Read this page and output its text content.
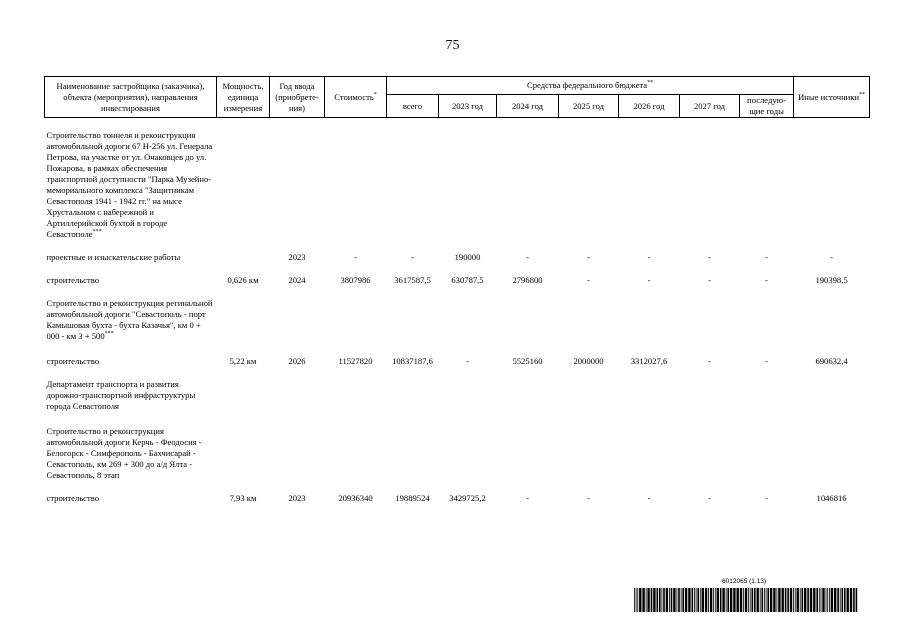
75
Наименование застройщика (заказчика), объекта (мероприятия), направления инвестирования	Мощность, единица измерения	Год ввода (приобрете-ния)	Стоимость*	Средства федерального бюджета**							Иные источники**
				всего	2023 год	2024 год	2025 год	2026 год	2027 год	последую-щие годы	

Строительство тоннеля и реконструкция автомобильной дороги 67 Н-256 ул. Генерала Петрова, на участке от ул. Очаковцев до ул. Пожарова, в рамках обеспечения транспортной доступности "Парка Музейно-мемориального комплекса "Защитникам Севастополя 1941 - 1942 гг." на мысе Хрустальном с набережной и Артиллерийской бухтой в городе Севастополе***											

проектные и изыскательские работы		2023	-	-	190000	-	-	-	-	-	-

строительство	0,626 км	2024	3807986	3617587,5	630787,5	2796800	-	-	-	-	190398,5

Строительство и реконструкция регинальной автомобильной дороги "Севастополь - порт Камышовая бухта - бухта Казачья", км 0 + 000 - км 3 + 500***											

строительство	5,22 км	2026	11527820	10837187,6	-	5525160	2000000	3312027,6	-	-	690632,4

Департамент транспорта и развития дорожно-транспортной инфраструктуры города Севастополя											

Строительство и реконструкция автомобильной дороги Керчь - Феодосия - Белогорск - Симферополь - Бахчисарай - Севастополь, км 269 + 300 до а/д Ялта - Севастополь, 8 этап											

строительство	7,93 км	2023	20936340	19889524	3429725,2	-	-	-	-	-	1046816
6012065 (1.13)
